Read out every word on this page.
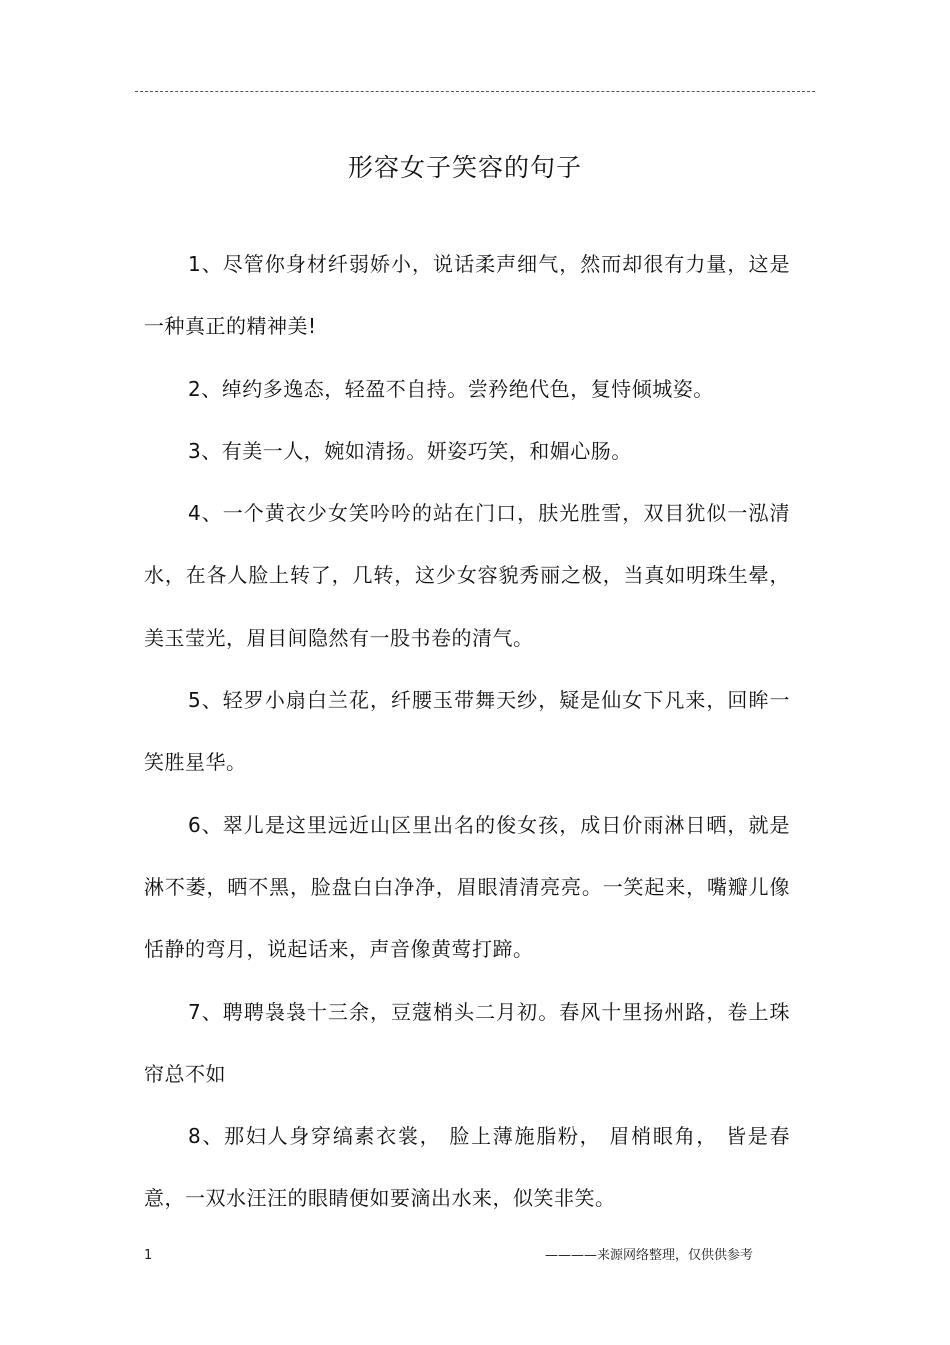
形容女子笑容的句子

1、尽管你身材纤弱娇小，说话柔声细气，然而却很有力量，这是一种真正的精神美!

2、绰约多逸态，轻盈不自持。尝矜绝代色，复恃倾城姿。

3、有美一人，婉如清扬。妍姿巧笑，和媚心肠。

4、一个黄衣少女笑吟吟的站在门口，肤光胜雪，双目犹似一泓清水，在各人脸上转了，几转，这少女容貌秀丽之极，当真如明珠生晕，美玉莹光，眉目间隐然有一股书卷的清气。

5、轻罗小扇白兰花，纤腰玉带舞天纱，疑是仙女下凡来，回眸一笑胜星华。

6、翠儿是这里远近山区里出名的俊女孩，成日价雨淋日晒，就是淋不萎，晒不黑，脸盘白白净净，眉眼清清亮亮。一笑起来，嘴瓣儿像恬静的弯月，说起话来，声音像黄莺打蹄。

7、聘聘袅袅十三余，豆蔻梢头二月初。春风十里扬州路，卷上珠帘总不如

8、那妇人身穿缟素衣裳， 脸上薄施脂粉， 眉梢眼角， 皆是春意，一双水汪汪的眼睛便如要滴出水来，似笑非笑。

1	————来源网络整理，仅供供参考
